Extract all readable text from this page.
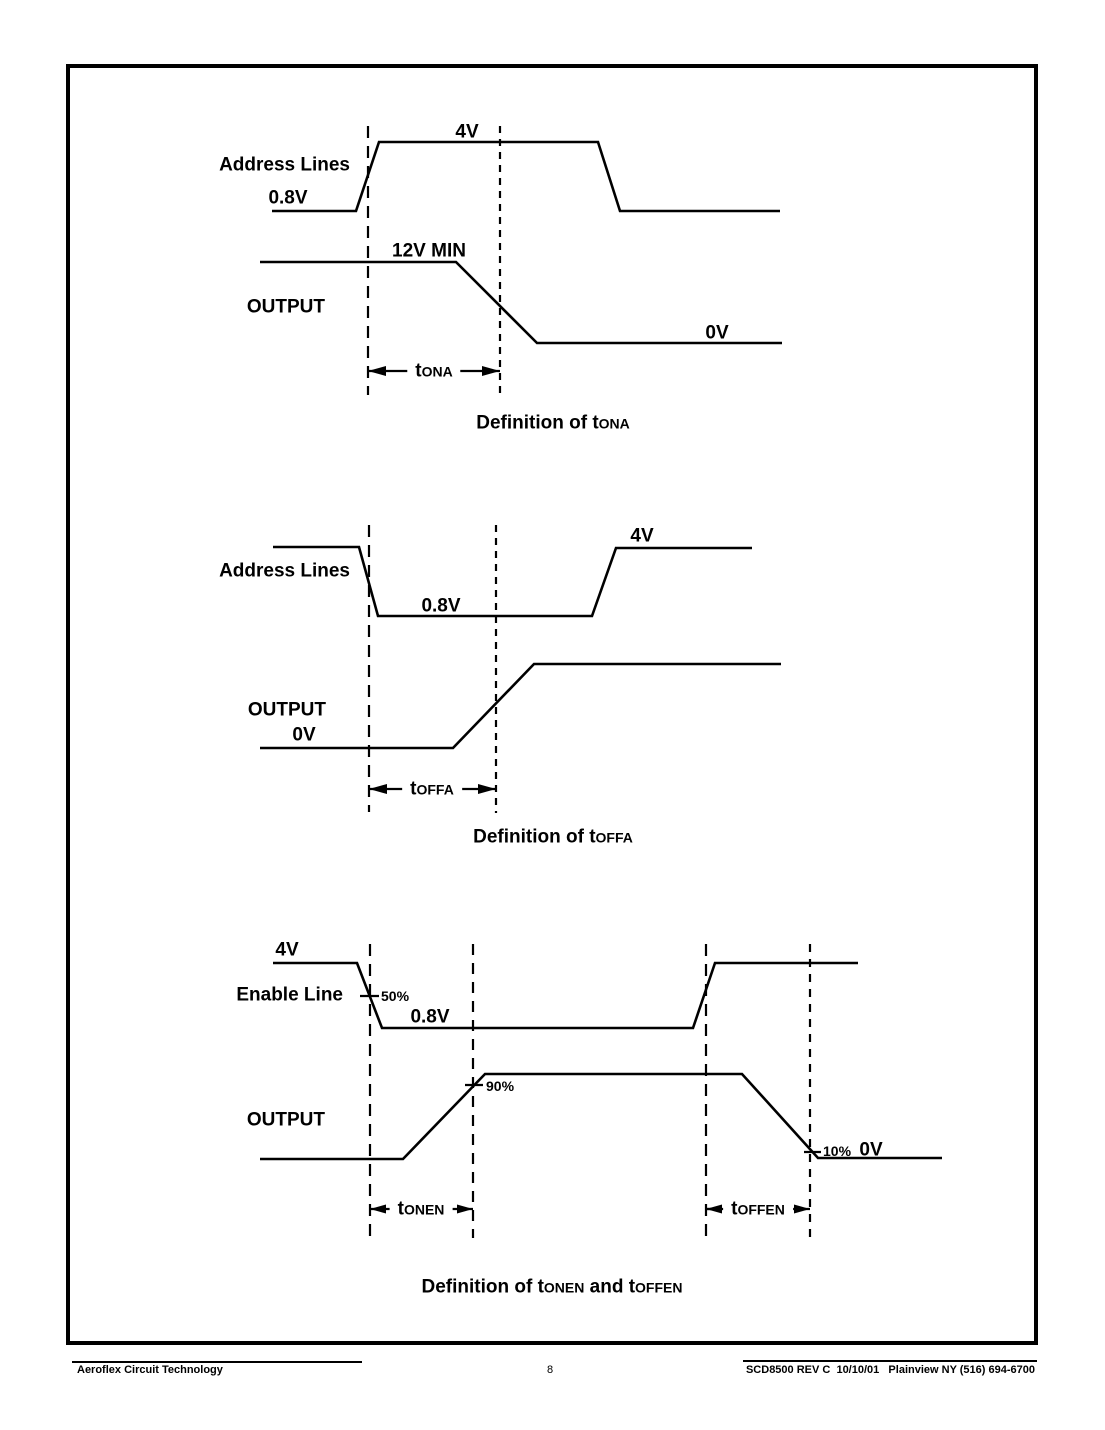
4V
Address Lines
0.8V
12V MIN
OUTPUT
0V
tONA
Definition of tONA
Address Lines
4V
0.8V
OUTPUT
0V
tOFFA
Definition of tOFFA
4V
Enable Line	50%
0.8V
OUTPUT
90%
10% 0V
tONEN	tOFFEN
Definition of tONEN and tOFFEN
Aeroflex Circuit Technology	8	SCD8500 REV C  10/10/01   Plainview NY (516) 694-6700
